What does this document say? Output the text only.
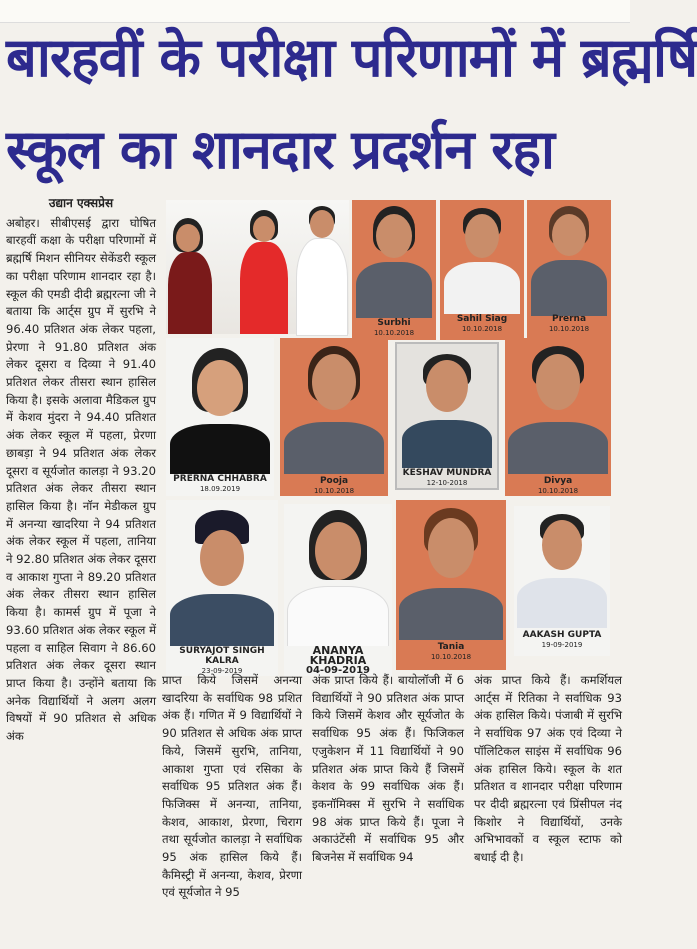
बारहवीं के परीक्षा परिणामों में ब्रह्मर्षि
स्कूल का शानदार प्रदर्शन रहा
उद्यान एक्सप्रेस
अबोहर। सीबीएसई द्वारा घोषित बारहवीं कक्षा के परीक्षा परिणामों में ब्रह्मर्षि मिशन सीनियर सेकेंडरी स्कूल का परीक्षा परिणाम शानदार रहा है। स्कूल की एमडी दीदी ब्रह्मरत्ना जी ने बताया कि आर्ट्स ग्रुप में सुरभि ने 96.40 प्रतिशत अंक लेकर पहला, प्रेरणा ने 91.80 प्रतिशत अंक लेकर दूसरा व दिव्या ने 91.40 प्रतिशत लेकर तीसरा स्थान हासिल किया है। इसके अलावा मैडिकल ग्रुप में केशव मुंदरा ने 94.40 प्रतिशत अंक लेकर स्कूल में पहला, प्रेरणा छाबड़ा ने 94 प्रतिशत अंक लेकर दूसरा व सूर्यजोत कालड़ा ने 93.20 प्रतिशत अंक लेकर तीसरा स्थान हासिल किया है। नॉन मेडीकल ग्रुप में अनन्या खादरिया ने 94 प्रतिशत अंक लेकर स्कूल में पहला, तानिया ने 92.80 प्रतिशत अंक लेकर दूसरा व आकाश गुप्ता ने 89.20 प्रतिशत अंक लेकर तीसरा स्थान हासिल किया है। कामर्स ग्रुप में पूजा ने 93.60 प्रतिशत अंक लेकर स्कूल में पहला व साहिल सिवाग ने 86.60 प्रतिशत अंक लेकर दूसरा स्थान प्राप्त किया है। उन्होंने बताया कि अनेक विद्यार्थियों ने अलग अलग विषयों में 90 प्रतिशत से अधिक अंक
Surbhi
10.10.2018
Sahil Siag
10.10.2018
Prerna
10.10.2018
PRERNA CHHABRA
18.09.2019
Pooja
10.10.2018
KESHAV MUNDRA
12-10-2018	Divya
10.10.2018
SURYAJOT SINGH KALRA
23-09-2019
ANANYA KHADRIA
04-09-2019
Tania
10.10.2018
AAKASH GUPTA
19-09-2019
प्राप्त किये जिसमें अनन्या खादरिया के सर्वाधिक 98 प्रशित अंक हैं। गणित में 9 विद्यार्थियों ने 90 प्रतिशत से अधिक अंक प्राप्त किये, जिसमें सुरभि, तानिया, आकाश गुप्ता एवं रसिका के सर्वाधिक 95 प्रतिशत अंक हैं। फिजिक्स में अनन्या, तानिया, केशव, आकाश, प्रेरणा, चिराग तथा सूर्यजोत कालड़ा ने सर्वाधिक 95 अंक हासिल किये हैं। कैमिस्ट्री में अनन्या, केशव, प्रेरणा एवं सूर्यजोत ने 95
अंक प्राप्त किये हैं। बायोलॉजी में 6 विद्यार्थियों ने 90 प्रतिशत अंक प्राप्त किये जिसमें केशव और सूर्यजोत के सर्वाधिक 95 अंक हैं। फिजिकल एजुकेशन में 11 विद्यार्थियों ने 90 प्रतिशत अंक प्राप्त किये हैं जिसमें केशव के 99 सर्वाधिक अंक हैं। इकनॉमिक्स में सुरभि ने सर्वाधिक 98 अंक प्राप्त किये हैं। पूजा ने अकाउंटेंसी में सर्वाधिक 95 और बिजनेस में सर्वाधिक 94
अंक प्राप्त किये हैं। कमर्शियल आर्ट्स में रितिका ने सर्वाधिक 93 अंक हासिल किये। पंजाबी में सुरभि ने सर्वाधिक 97 अंक एवं दिव्या ने पॉलिटिकल साइंस में सर्वाधिक 96 अंक हासिल किये। स्कूल के शत प्रतिशत व शानदार परीक्षा परिणाम पर दीदी ब्रह्मरत्ना एवं प्रिंसीपल नंद किशोर ने विद्यार्थियों, उनके अभिभावकों व स्कूल स्टाफ को बधाई दी है।
